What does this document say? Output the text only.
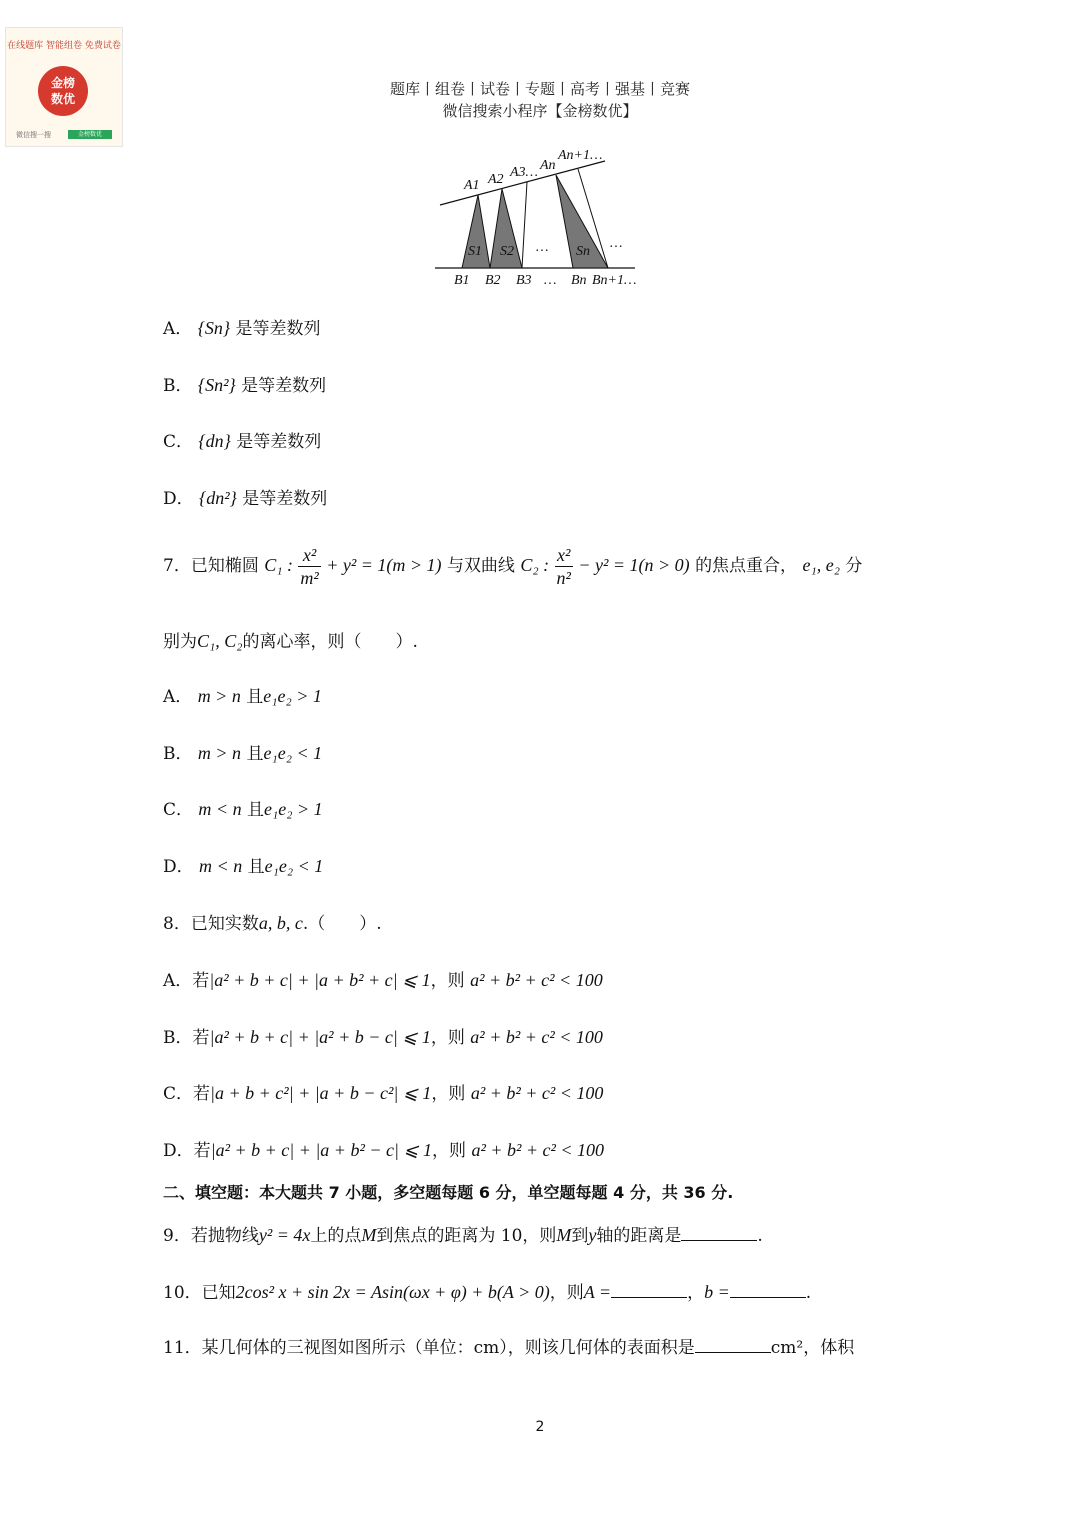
在线题库 智能组卷 免费试卷
金榜
数优
微信搜一搜	金榜数优
题库丨组卷丨试卷丨专题丨高考丨强基丨竞赛
微信搜索小程序【金榜数优】
A1 A2 A3… An
An+1…
S1 S2 … Sn
…
B1 B2 B3 … Bn Bn+1…
A． {Sn} 是等差数列
B． {Sn²} 是等差数列
C． {dn} 是等差数列
D． {dn²} 是等差数列
7．已知椭圆 C₁ : $\frac{\text{x²}}{\text{m²}} + y^2 = 1(m > 1)$ 与双曲线 C₂ : $\frac{\text{x²}}{\text{n²}} - y^2 = 1(n > 0)$ 的焦点重合， e₁, e₂ 分
别为C₁, C₂的离心率，则（　　）.
A． m > n 且e₁e₂ > 1
B． m > n 且e₁e₂ < 1
C． m < n 且e₁e₂ > 1
D． m < n 且e₁e₂ < 1
8．已知实数a, b, c.（　　）.
A．若|a² + b + c| + |a + b² + c| ⩽ 1，则 a² + b² + c² < 100
B．若|a² + b + c| + |a² + b − c| ⩽ 1，则 a² + b² + c² < 100
C．若|a + b + c²| + |a + b − c²| ⩽ 1，则 a² + b² + c² < 100
D．若|a² + b + c| + |a + b² − c| ⩽ 1，则 a² + b² + c² < 100
二、填空题：本大题共 7 小题，多空题每题 6 分，单空题每题 4 分，共 36 分.
9．若抛物线y² = 4x上的点M到焦点的距离为 10，则M到y轴的距离是	.
10．已知2cos² x + sin 2x = Asin(ωx + φ) + b(A > 0)，则A =	，b =	.
11．某几何体的三视图如图所示（单位：cm），则该几何体的表面积是	cm²，体积
2
